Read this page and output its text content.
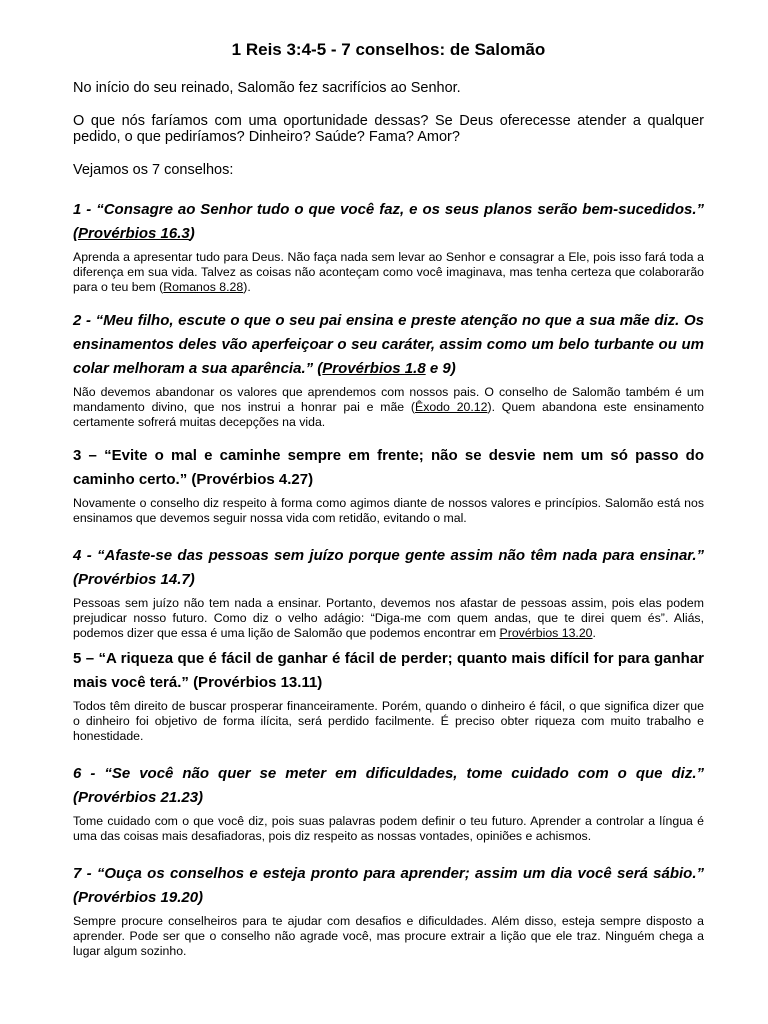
1 Reis 3:4-5 - 7 conselhos: de Salomão

No início do seu reinado, Salomão fez sacrifícios ao Senhor.

O que nós faríamos com uma oportunidade dessas? Se Deus oferecesse atender a qualquer pedido, o que pediríamos? Dinheiro? Saúde? Fama? Amor?

Vejamos os 7 conselhos:

1 - “Consagre ao Senhor tudo o que você faz, e os seus planos serão bem-sucedidos.” (Provérbios 16.3)

Aprenda a apresentar tudo para Deus. Não faça nada sem levar ao Senhor e consagrar a Ele, pois isso fará toda a diferença em sua vida. Talvez as coisas não aconteçam como você imaginava, mas tenha certeza que colaborarão para o teu bem (Romanos 8.28).

2 - “Meu filho, escute o que o seu pai ensina e preste atenção no que a sua mãe diz. Os ensinamentos deles vão aperfeiçoar o seu caráter, assim como um belo turbante ou um colar melhoram a sua aparência.” (Provérbios 1.8 e 9)

Não devemos abandonar os valores que aprendemos com nossos pais. O conselho de Salomão também é um mandamento divino, que nos instrui a honrar pai e mãe (Êxodo 20.12). Quem abandona este ensinamento certamente sofrerá muitas decepções na vida.

3 – “Evite o mal e caminhe sempre em frente; não se desvie nem um só passo do caminho certo.” (Provérbios 4.27)

Novamente o conselho diz respeito à forma como agimos diante de nossos valores e princípios. Salomão está nos ensinamos que devemos seguir nossa vida com retidão, evitando o mal.

4 - “Afaste-se das pessoas sem juízo porque gente assim não têm nada para ensinar.” (Provérbios 14.7)

Pessoas sem juízo não tem nada a ensinar. Portanto, devemos nos afastar de pessoas assim, pois elas podem prejudicar nosso futuro. Como diz o velho adágio: “Diga-me com quem andas, que te direi quem és”. Aliás, podemos dizer que essa é uma lição de Salomão que podemos encontrar em Provérbios 13.20.

5 – “A riqueza que é fácil de ganhar é fácil de perder; quanto mais difícil for para ganhar mais você terá.” (Provérbios 13.11)

Todos têm direito de buscar prosperar financeiramente. Porém, quando o dinheiro é fácil, o que significa dizer que o dinheiro foi objetivo de forma ilícita, será perdido facilmente. É preciso obter riqueza com muito trabalho e honestidade.

6 - “Se você não quer se meter em dificuldades, tome cuidado com o que diz.” (Provérbios 21.23)

Tome cuidado com o que você diz, pois suas palavras podem definir o teu futuro. Aprender a controlar a língua é uma das coisas mais desafiadoras, pois diz respeito as nossas vontades, opiniões e achismos.

7 - “Ouça os conselhos e esteja pronto para aprender; assim um dia você será sábio.” (Provérbios 19.20)

Sempre procure conselheiros para te ajudar com desafios e dificuldades. Além disso, esteja sempre disposto a aprender. Pode ser que o conselho não agrade você, mas procure extrair a lição que ele traz. Ninguém chega a lugar algum sozinho.
